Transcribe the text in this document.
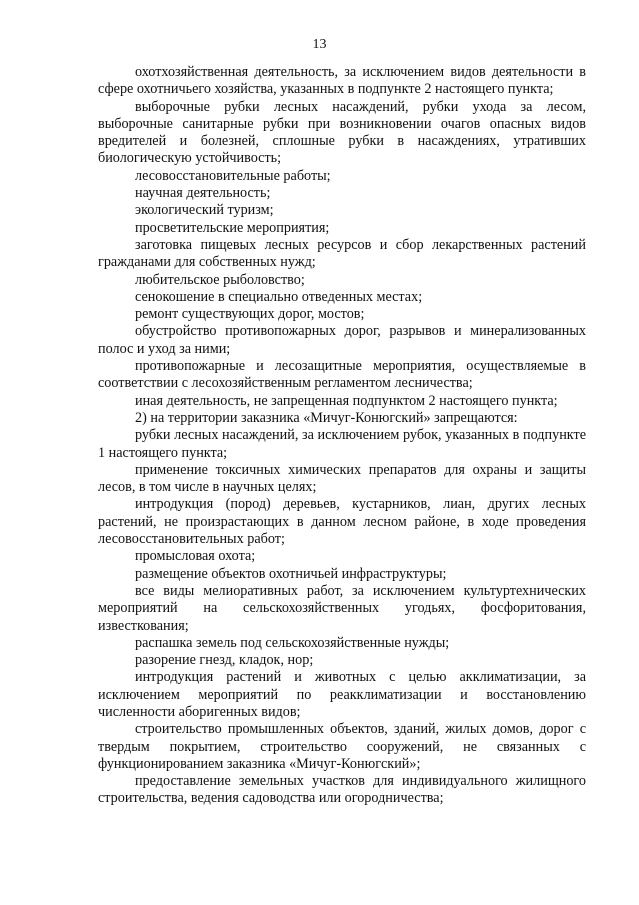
13

охотхозяйственная деятельность, за исключением видов деятельности в сфере охотничьего хозяйства, указанных в подпункте 2 настоящего пункта;

выборочные рубки лесных насаждений, рубки ухода за лесом, выборочные санитарные рубки при возникновении очагов опасных видов вредителей и болезней, сплошные рубки в насаждениях, утративших биологическую устойчивость;

лесовосстановительные работы;

научная деятельность;

экологический туризм;

просветительские мероприятия;

заготовка пищевых лесных ресурсов и сбор лекарственных растений гражданами для собственных нужд;

любительское рыболовство;

сенокошение в специально отведенных местах;

ремонт существующих дорог, мостов;

обустройство противопожарных дорог, разрывов и минерализованных полос и уход за ними;

противопожарные и лесозащитные мероприятия, осуществляемые в соответствии с лесохозяйственным регламентом лесничества;

иная деятельность, не запрещенная подпунктом 2 настоящего пункта;

2) на территории заказника «Мичуг-Конюгский» запрещаются:

рубки лесных насаждений, за исключением рубок, указанных в подпункте 1 настоящего пункта;

применение токсичных химических препаратов для охраны и защиты лесов, в том числе в научных целях;

интродукция (пород) деревьев, кустарников, лиан, других лесных растений, не произрастающих в данном лесном районе, в ходе проведения лесовосстановительных работ;

промысловая охота;

размещение объектов охотничьей инфраструктуры;

все виды мелиоративных работ, за исключением культуртехнических мероприятий на сельскохозяйственных угодьях, фосфоритования, известкования;

распашка земель под сельскохозяйственные нужды;

разорение гнезд, кладок, нор;

интродукция растений и животных с целью акклиматизации, за исключением мероприятий по реакклиматизации и восстановлению численности аборигенных видов;

строительство промышленных объектов, зданий, жилых домов, дорог с твердым покрытием, строительство сооружений, не связанных с функционированием заказника «Мичуг-Конюгский»;

предоставление земельных участков для индивидуального жилищного строительства, ведения садоводства или огородничества;
